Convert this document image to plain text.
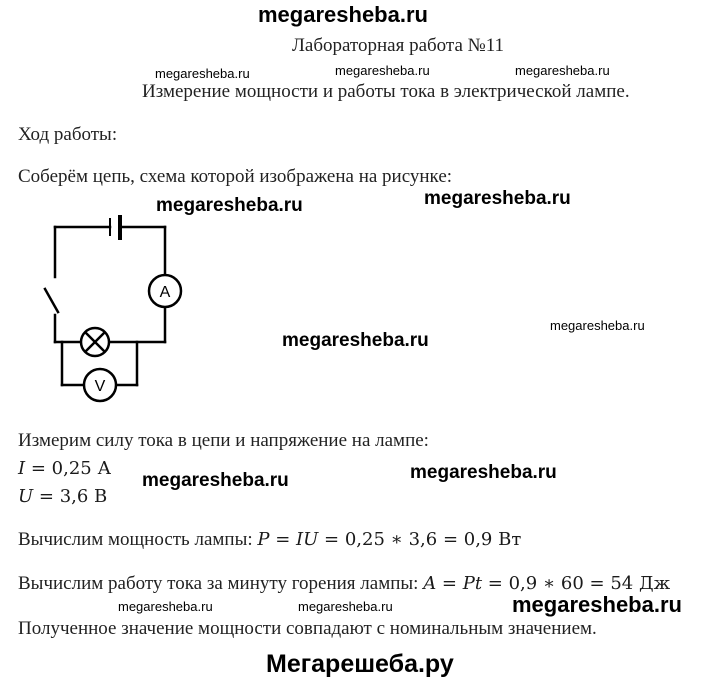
megaresheba.ru
megaresheba.ru	megaresheba.ru	megaresheba.ru
megaresheba.ru	megaresheba.ru
megaresheba.ru
megaresheba.ru
megaresheba.ru	megaresheba.ru
megaresheba.ru	megaresheba.ru	megaresheba.ru
Лабораторная работа №11
Измерение мощности и работы тока в электрической лампе.
Ход работы:
Соберём цепь, схема которой изображена на рисунке:
A
V
Измерим силу тока в цепи и напряжение на лампе:
I = 0,25 А
U = 3,6 В
Вычислим мощность лампы: P = IU = 0,25 ∗ 3,6 = 0,9 Вт
Вычислим работу тока за минуту горения лампы: A = Pt = 0,9 ∗ 60 = 54 Дж
Полученное значение мощности совпадают с номинальным значением.
Мегарешеба.ру
